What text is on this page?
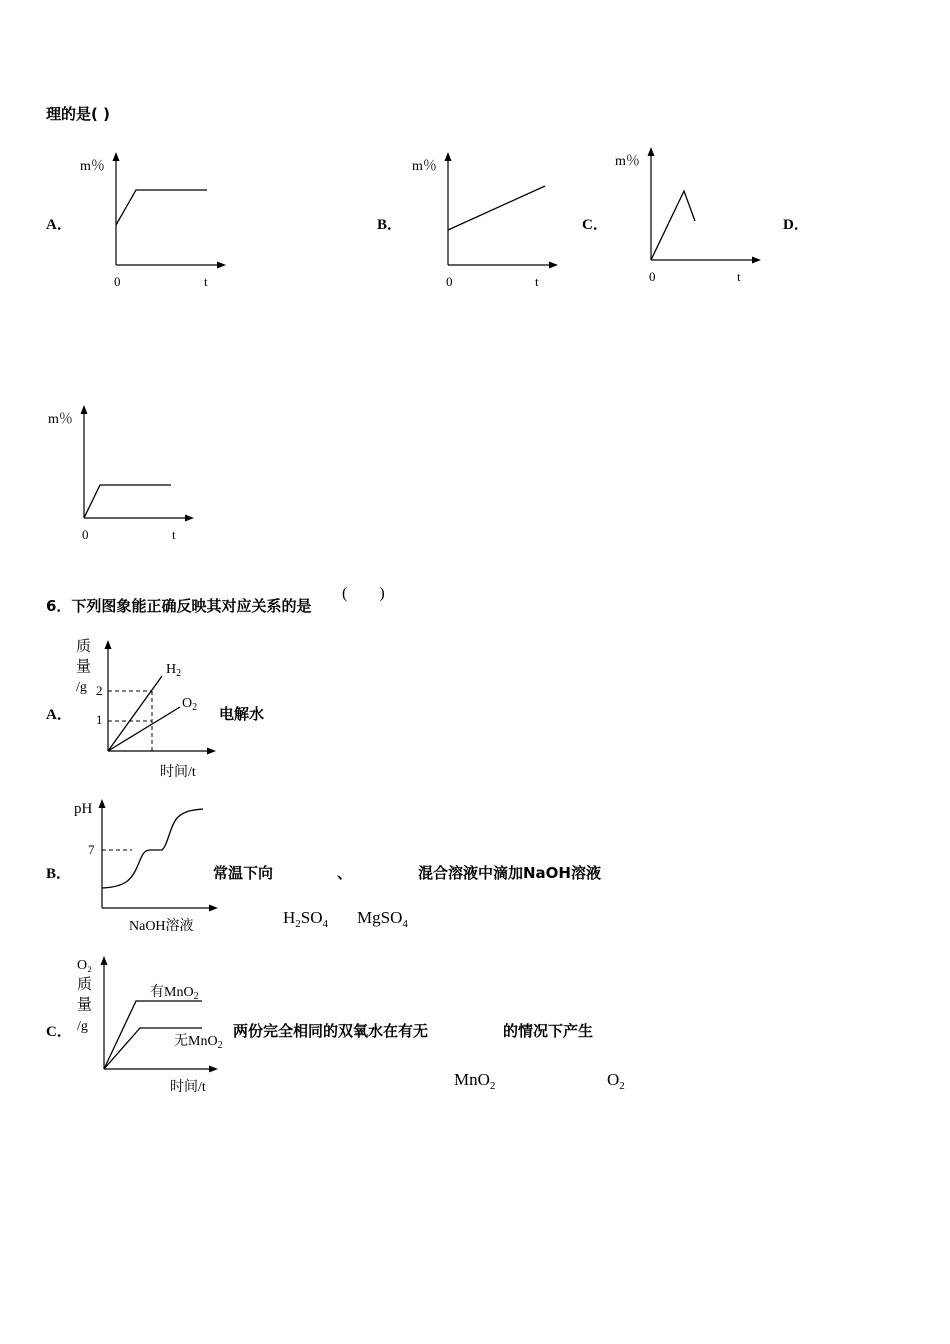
理的是( )
A．	B．	C．	D．
m％
0	t
m％
0	t
m％
0	t
m％
0	t
6．下列图象能正确反映其对应关系的是
(　　)
A．	电解水
质
量
/g 2
1
$H_2$
$O_2$
时间/t
B．	常温下向	、	混合溶液中滴加NaOH溶液
pH
7
NaOH溶液	$H_2SO_4$ MgSO$_4$
C．	两份完全相同的双氧水在有无	的情况下产生
O₂
质
量
/g
有MnO$_2$
无MnO$_2$
时间/t	MnO$_2$	$O_2$
